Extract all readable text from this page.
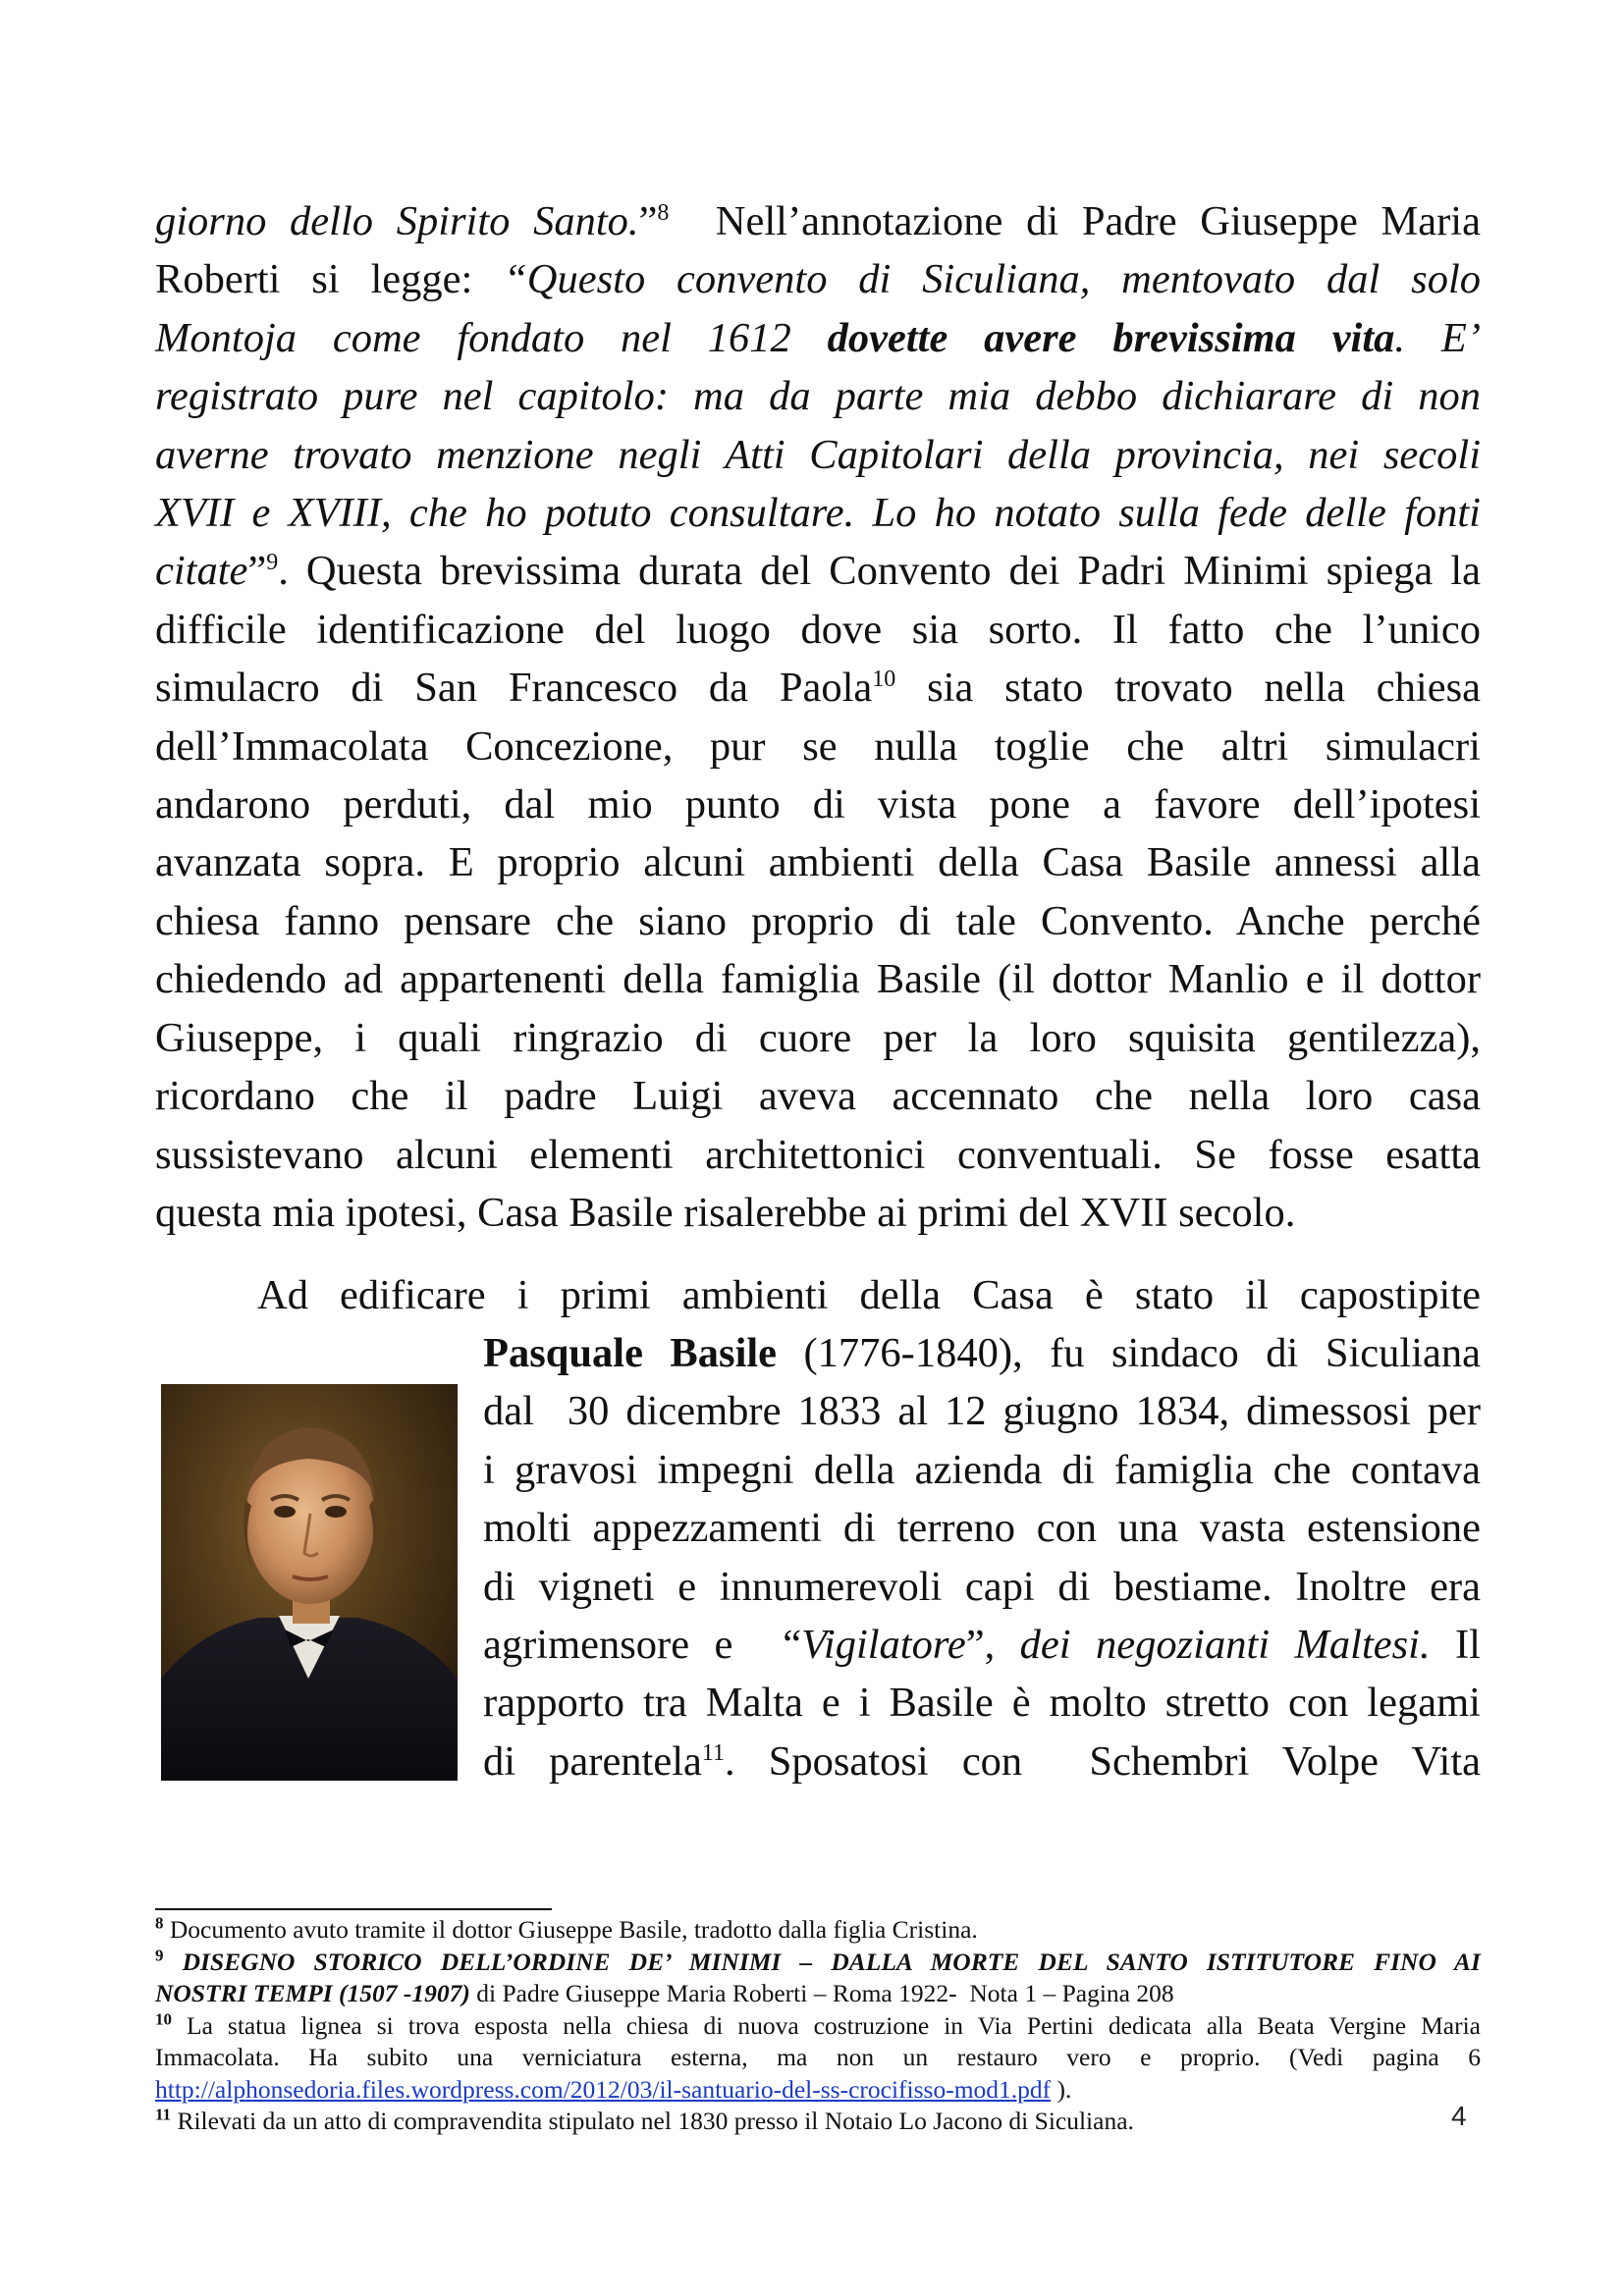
giorno dello Spirito Santo.”$^8$  Nell’annotazione di Padre Giuseppe Maria
Roberti si legge: “Questo convento di Siculiana, mentovato dal solo
Montoja come fondato nel 1612 dovette avere brevissima vita. E’
registrato pure nel capitolo: ma da parte mia debbo dichiarare di non
averne trovato menzione negli Atti Capitolari della provincia, nei secoli
XVII e XVIII, che ho potuto consultare. Lo ho notato sulla fede delle fonti
citate”$^9$. Questa brevissima durata del Convento dei Padri Minimi spiega la
difficile identificazione del luogo dove sia sorto. Il fatto che l’unico
simulacro di San Francesco da Paola$^{10}$ sia stato trovato nella chiesa
dell’Immacolata Concezione, pur se nulla toglie che altri simulacri
andarono perduti, dal mio punto di vista pone a favore dell’ipotesi
avanzata sopra. E proprio alcuni ambienti della Casa Basile annessi alla
chiesa fanno pensare che siano proprio di tale Convento. Anche perché
chiedendo ad appartenenti della famiglia Basile (il dottor Manlio e il dottor
Giuseppe, i quali ringrazio di cuore per la loro squisita gentilezza),
ricordano che il padre Luigi aveva accennato che nella loro casa
sussistevano alcuni elementi architettonici conventuali. Se fosse esatta
questa mia ipotesi, Casa Basile risalerebbe ai primi del XVII secolo.
Ad edificare i primi ambienti della Casa è stato il capostipite
Pasquale Basile (1776-1840), fu sindaco di Siculiana
dal  30 dicembre 1833 al 12 giugno 1834, dimessosi per
i gravosi impegni della azienda di famiglia che contava
molti appezzamenti di terreno con una vasta estensione
di vigneti e innumerevoli capi di bestiame. Inoltre era
agrimensore e  “Vigilatore”, dei negozianti Maltesi. Il
rapporto tra Malta e i Basile è molto stretto con legami
di parentela$^{11}$. Sposatosi con  Schembri Volpe Vita
$^8$ Documento avuto tramite il dottor Giuseppe Basile, tradotto dalla figlia Cristina.
$^9$ DISEGNO STORICO DELL’ORDINE DE’ MINIMI – DALLA MORTE DEL SANTO ISTITUTORE FINO AI
NOSTRI TEMPI (1507 -1907) di Padre Giuseppe Maria Roberti – Roma 1922-  Nota 1 – Pagina 208
$^{10}$ La statua lignea si trova esposta nella chiesa di nuova costruzione in Via Pertini dedicata alla Beata Vergine Maria
Immacolata. Ha subito una verniciatura esterna, ma non un restauro vero e proprio. (Vedi pagina 6
http://alphonsedoria.files.wordpress.com/2012/03/il-santuario-del-ss-crocifisso-mod1.pdf ).
$^{11}$ Rilevati da un atto di compravendita stipulato nel 1830 presso il Notaio Lo Jacono di Siculiana.	4
